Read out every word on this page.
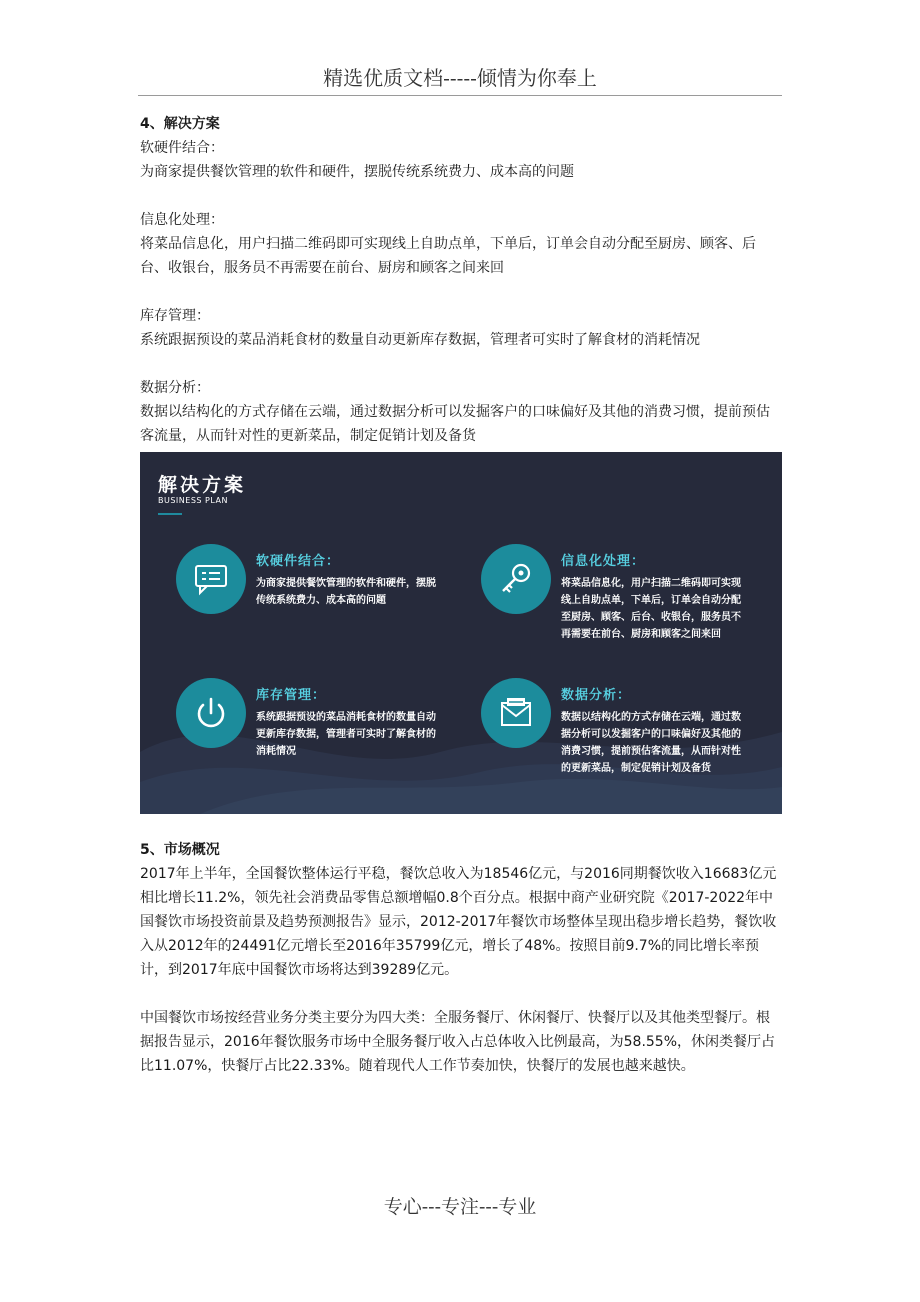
精选优质文档-----倾情为你奉上

4、解决方案

软硬件结合：

为商家提供餐饮管理的软件和硬件，摆脱传统系统费力、成本高的问题

信息化处理：

将菜品信息化，用户扫描二维码即可实现线上自助点单，下单后，订单会自动分配至厨房、顾客、后台、收银台，服务员不再需要在前台、厨房和顾客之间来回

库存管理：

系统跟据预设的菜品消耗食材的数量自动更新库存数据，管理者可实时了解食材的消耗情况

数据分析：

数据以结构化的方式存储在云端，通过数据分析可以发掘客户的口味偏好及其他的消费习惯，提前预估客流量，从而针对性的更新菜品，制定促销计划及备货

解决方案
BUSINESS PLAN
软硬件结合：
为商家提供餐饮管理的软件和硬件，摆脱传统系统费力、成本高的问题
信息化处理：
将菜品信息化，用户扫描二维码即可实现线上自助点单，下单后，订单会自动分配至厨房、顾客、后台、收银台，服务员不再需要在前台、厨房和顾客之间来回
库存管理：
系统跟据预设的菜品消耗食材的数量自动更新库存数据，管理者可实时了解食材的消耗情况
数据分析：
数据以结构化的方式存储在云端，通过数据分析可以发掘客户的口味偏好及其他的消费习惯，提前预估客流量，从而针对性的更新菜品，制定促销计划及备货

5、市场概况

2017年上半年，全国餐饮整体运行平稳，餐饮总收入为18546亿元，与2016同期餐饮收入16683亿元相比增长11.2%，领先社会消费品零售总额增幅0.8个百分点。根据中商产业研究院《2017-2022年中国餐饮市场投资前景及趋势预测报告》显示，2012-2017年餐饮市场整体呈现出稳步增长趋势，餐饮收入从2012年的24491亿元增长至2016年35799亿元，增长了48%。按照目前9.7%的同比增长率预计，到2017年底中国餐饮市场将达到39289亿元。

中国餐饮市场按经营业务分类主要分为四大类：全服务餐厅、休闲餐厅、快餐厅以及其他类型餐厅。根据报告显示，2016年餐饮服务市场中全服务餐厅收入占总体收入比例最高，为58.55%，休闲类餐厅占比11.07%，快餐厅占比22.33%。随着现代人工作节奏加快，快餐厅的发展也越来越快。

专心---专注---专业
